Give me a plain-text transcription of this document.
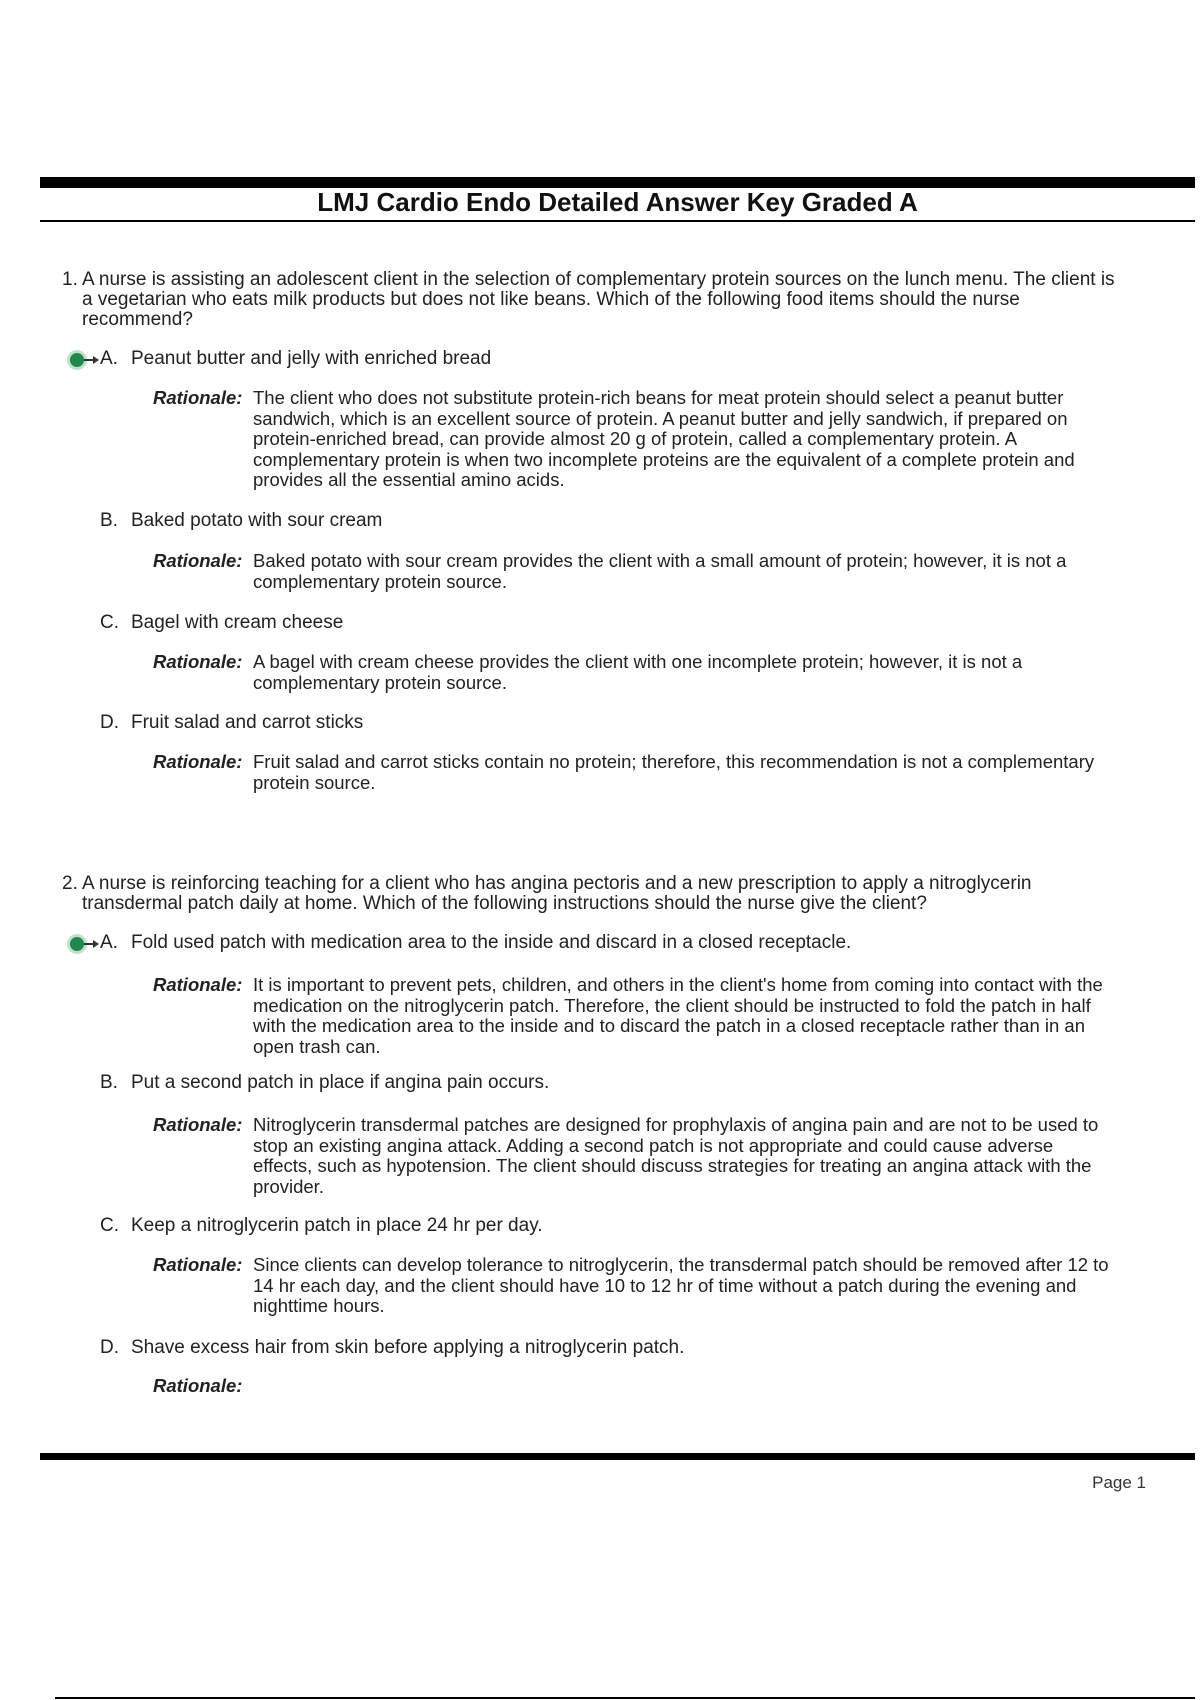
LMJ Cardio Endo Detailed Answer Key Graded A
1. A nurse is assisting an adolescent client in the selection of complementary protein sources on the lunch menu. The client is a vegetarian who eats milk products but does not like beans. Which of the following food items should the nurse recommend?
A. Peanut butter and jelly with enriched bread
Rationale: The client who does not substitute protein-rich beans for meat protein should select a peanut butter sandwich, which is an excellent source of protein. A peanut butter and jelly sandwich, if prepared on protein-enriched bread, can provide almost 20 g of protein, called a complementary protein. A complementary protein is when two incomplete proteins are the equivalent of a complete protein and provides all the essential amino acids.
B. Baked potato with sour cream
Rationale: Baked potato with sour cream provides the client with a small amount of protein; however, it is not a complementary protein source.
C. Bagel with cream cheese
Rationale: A bagel with cream cheese provides the client with one incomplete protein; however, it is not a complementary protein source.
D. Fruit salad and carrot sticks
Rationale: Fruit salad and carrot sticks contain no protein; therefore, this recommendation is not a complementary protein source.
2. A nurse is reinforcing teaching for a client who has angina pectoris and a new prescription to apply a nitroglycerin transdermal patch daily at home. Which of the following instructions should the nurse give the client?
A. Fold used patch with medication area to the inside and discard in a closed receptacle.
Rationale: It is important to prevent pets, children, and others in the client's home from coming into contact with the medication on the nitroglycerin patch. Therefore, the client should be instructed to fold the patch in half with the medication area to the inside and to discard the patch in a closed receptacle rather than in an open trash can.
B. Put a second patch in place if angina pain occurs.
Rationale: Nitroglycerin transdermal patches are designed for prophylaxis of angina pain and are not to be used to stop an existing angina attack. Adding a second patch is not appropriate and could cause adverse effects, such as hypotension. The client should discuss strategies for treating an angina attack with the provider.
C. Keep a nitroglycerin patch in place 24 hr per day.
Rationale: Since clients can develop tolerance to nitroglycerin, the transdermal patch should be removed after 12 to 14 hr each day, and the client should have 10 to 12 hr of time without a patch during the evening and nighttime hours.
D. Shave excess hair from skin before applying a nitroglycerin patch.
Rationale:
Page 1
